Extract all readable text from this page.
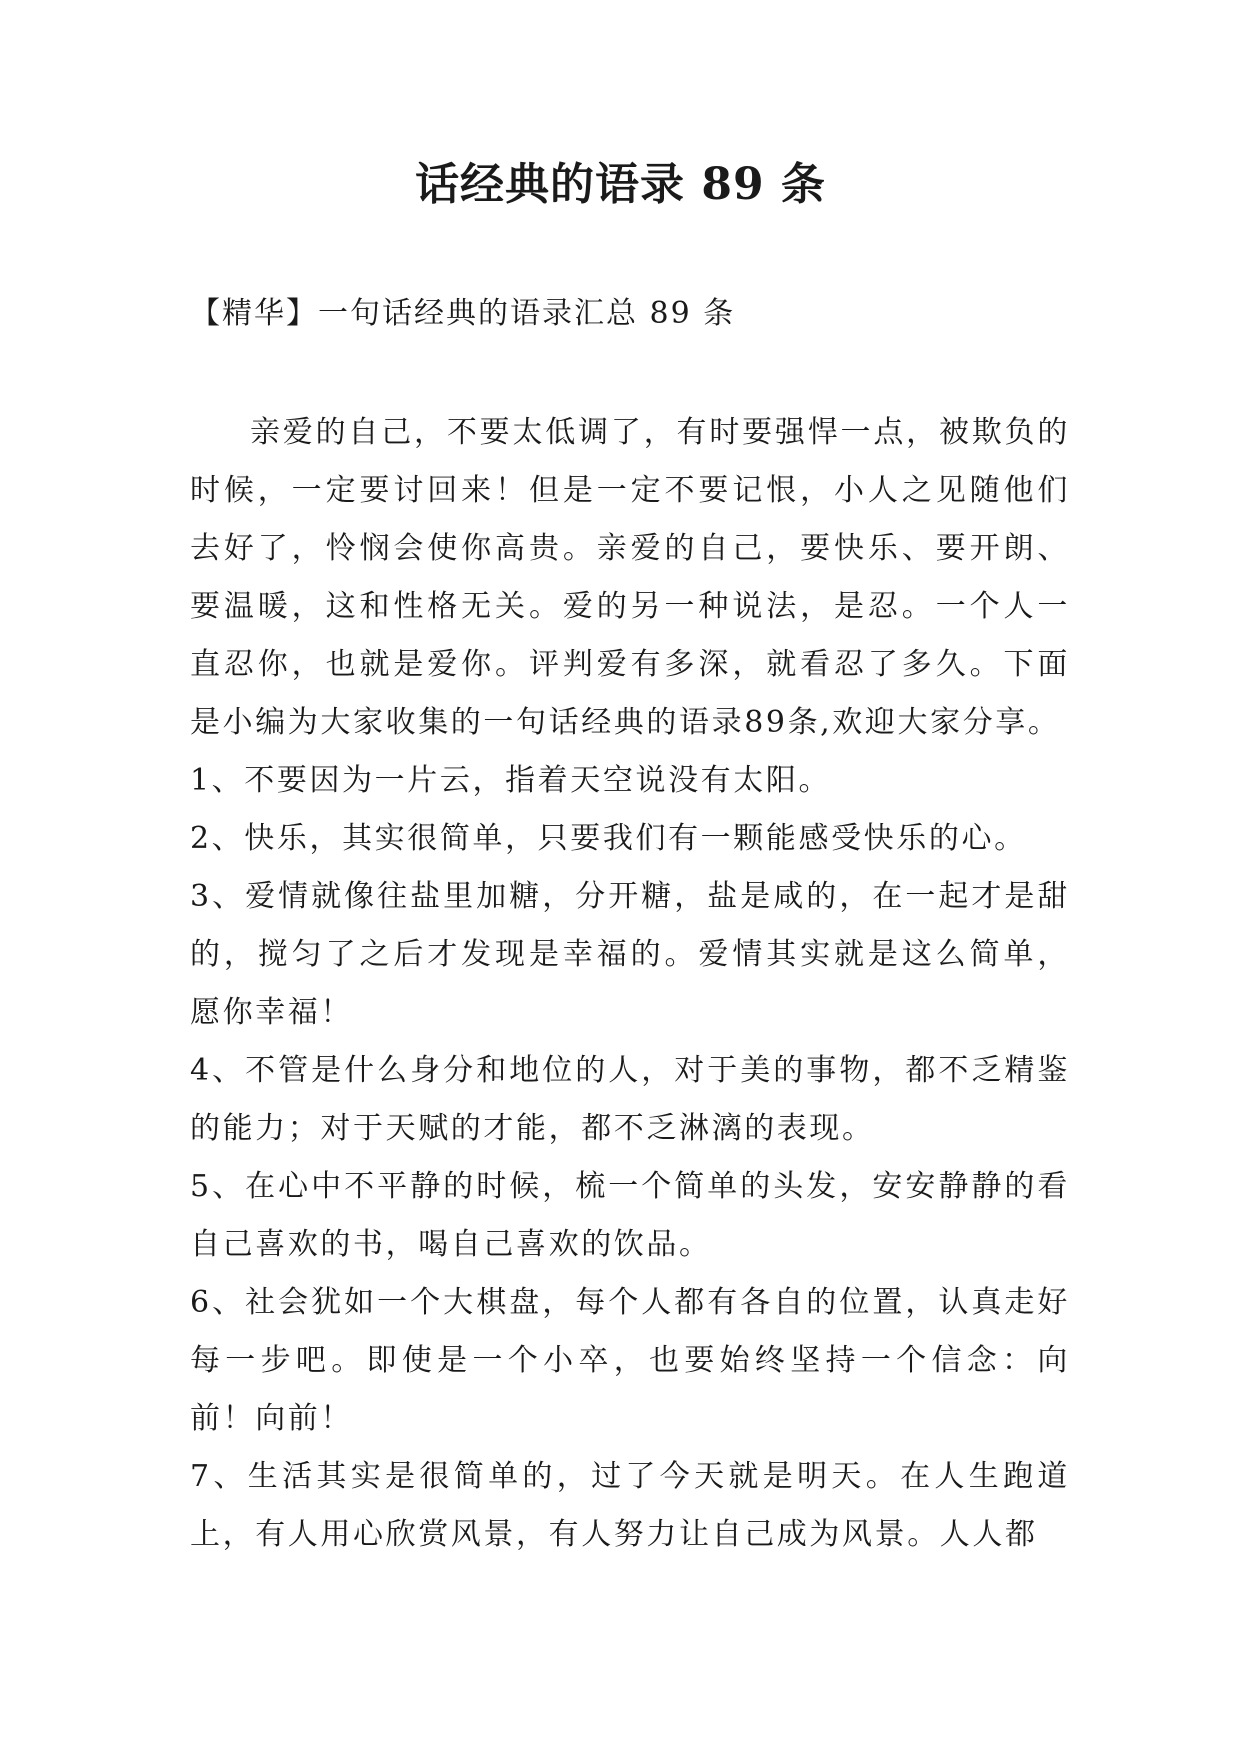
话经典的语录 89 条

【精华】一句话经典的语录汇总 89 条

亲爱的自己，不要太低调了，有时要强悍一点，被欺负的时候，一定要讨回来！但是一定不要记恨，小人之见随他们去好了，怜悯会使你高贵。亲爱的自己，要快乐、要开朗、要温暖，这和性格无关。爱的另一种说法，是忍。一个人一直忍你，也就是爱你。评判爱有多深，就看忍了多久。下面是小编为大家收集的一句话经典的语录89条,欢迎大家分享。

1、不要因为一片云，指着天空说没有太阳。

2、快乐，其实很简单，只要我们有一颗能感受快乐的心。

3、爱情就像往盐里加糖，分开糖，盐是咸的，在一起才是甜的，搅匀了之后才发现是幸福的。爱情其实就是这么简单，愿你幸福！

4、不管是什么身分和地位的人，对于美的事物，都不乏精鉴的能力；对于天赋的才能，都不乏淋漓的表现。

5、在心中不平静的时候，梳一个简单的头发，安安静静的看自己喜欢的书，喝自己喜欢的饮品。

6、社会犹如一个大棋盘，每个人都有各自的位置，认真走好每一步吧。即使是一个小卒，也要始终坚持一个信念：向前！向前！

7、生活其实是很简单的，过了今天就是明天。在人生跑道上，有人用心欣赏风景，有人努力让自己成为风景。人人都
